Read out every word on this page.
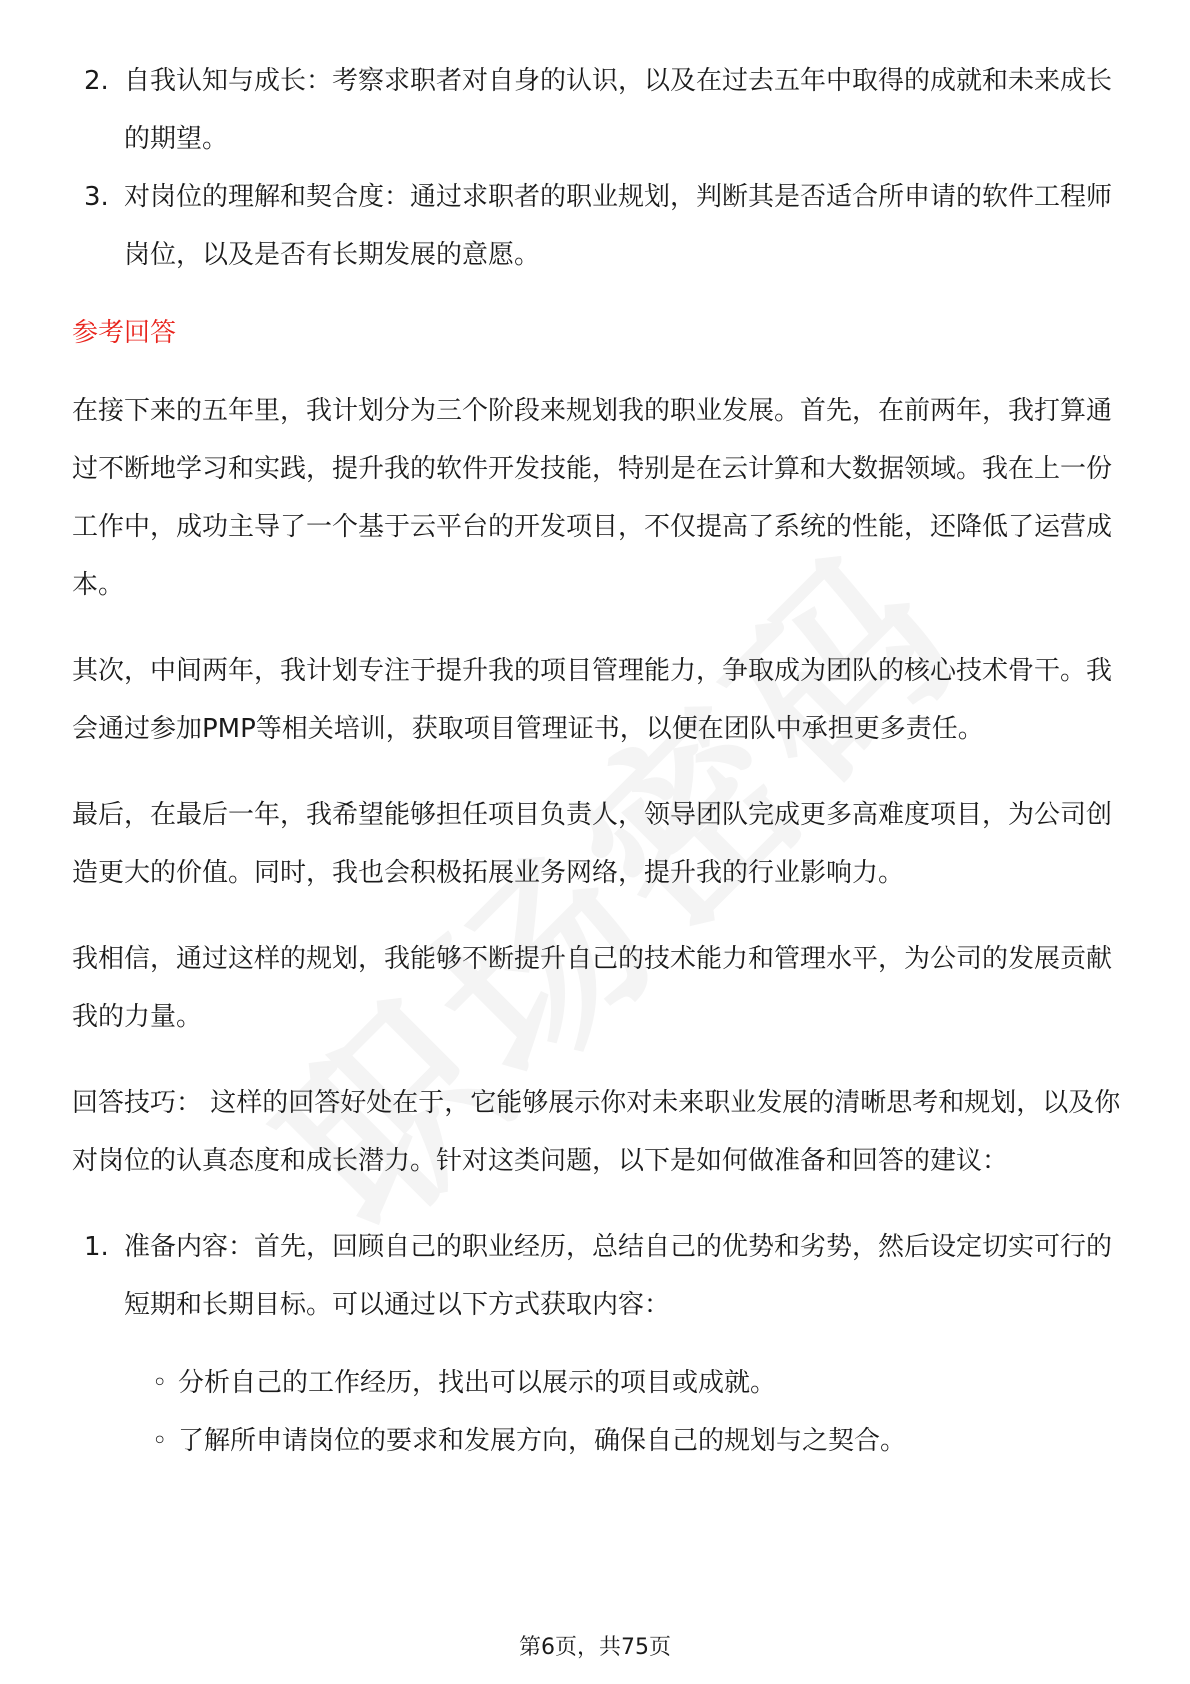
2. 自我认知与成长：考察求职者对自身的认识，以及在过去五年中取得的成就和未来成长的期望。
3. 对岗位的理解和契合度：通过求职者的职业规划，判断其是否适合所申请的软件工程师岗位，以及是否有长期发展的意愿。
参考回答

在接下来的五年里，我计划分为三个阶段来规划我的职业发展。首先，在前两年，我打算通过不断地学习和实践，提升我的软件开发技能，特别是在云计算和大数据领域。我在上一份工作中，成功主导了一个基于云平台的开发项目，不仅提高了系统的性能，还降低了运营成本。

其次，中间两年，我计划专注于提升我的项目管理能力，争取成为团队的核心技术骨干。我会通过参加PMP等相关培训，获取项目管理证书，以便在团队中承担更多责任。

最后，在最后一年，我希望能够担任项目负责人，领导团队完成更多高难度项目，为公司创造更大的价值。同时，我也会积极拓展业务网络，提升我的行业影响力。

我相信，通过这样的规划，我能够不断提升自己的技术能力和管理水平，为公司的发展贡献我的力量。

回答技巧： 这样的回答好处在于，它能够展示你对未来职业发展的清晰思考和规划，以及你对岗位的认真态度和成长潜力。针对这类问题，以下是如何做准备和回答的建议：

1. 准备内容：首先，回顾自己的职业经历，总结自己的优势和劣势，然后设定切实可行的短期和长期目标。可以通过以下方式获取内容：
◦ 分析自己的工作经历，找出可以展示的项目或成就。
◦ 了解所申请岗位的要求和发展方向，确保自己的规划与之契合。
第6页，共75页
